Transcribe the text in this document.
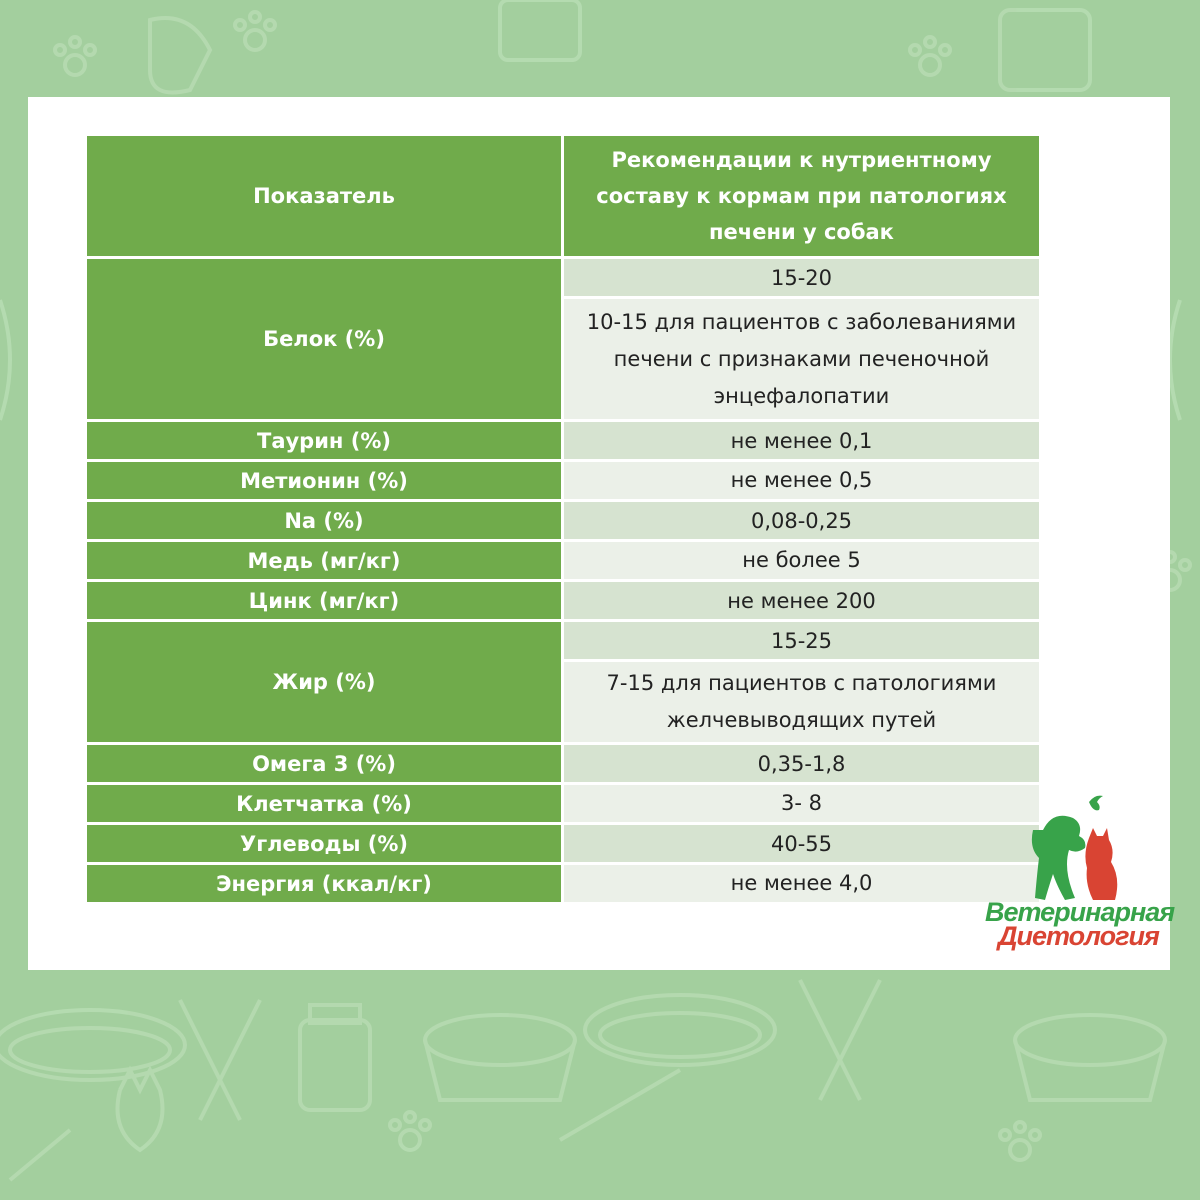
Показатель	Рекомендации к нутриентному составу к кормам при патологиях печени у собак
Белок (%)	15-20
	10-15 для пациентов с заболеваниями печени с признаками печеночной энцефалопатии
Таурин (%)	не менее 0,1
Метионин (%)	не менее 0,5
Na (%)	0,08-0,25
Медь (мг/кг)	не более 5
Цинк (мг/кг)	не менее 200
Жир (%)	15-25
	7-15 для пациентов с патологиями желчевыводящих путей
Омега 3 (%)	0,35-1,8
Клетчатка (%)	3- 8
Углеводы (%)	40-55
Энергия (ккал/кг)	не менее 4,0
Ветеринарная
Диетология
